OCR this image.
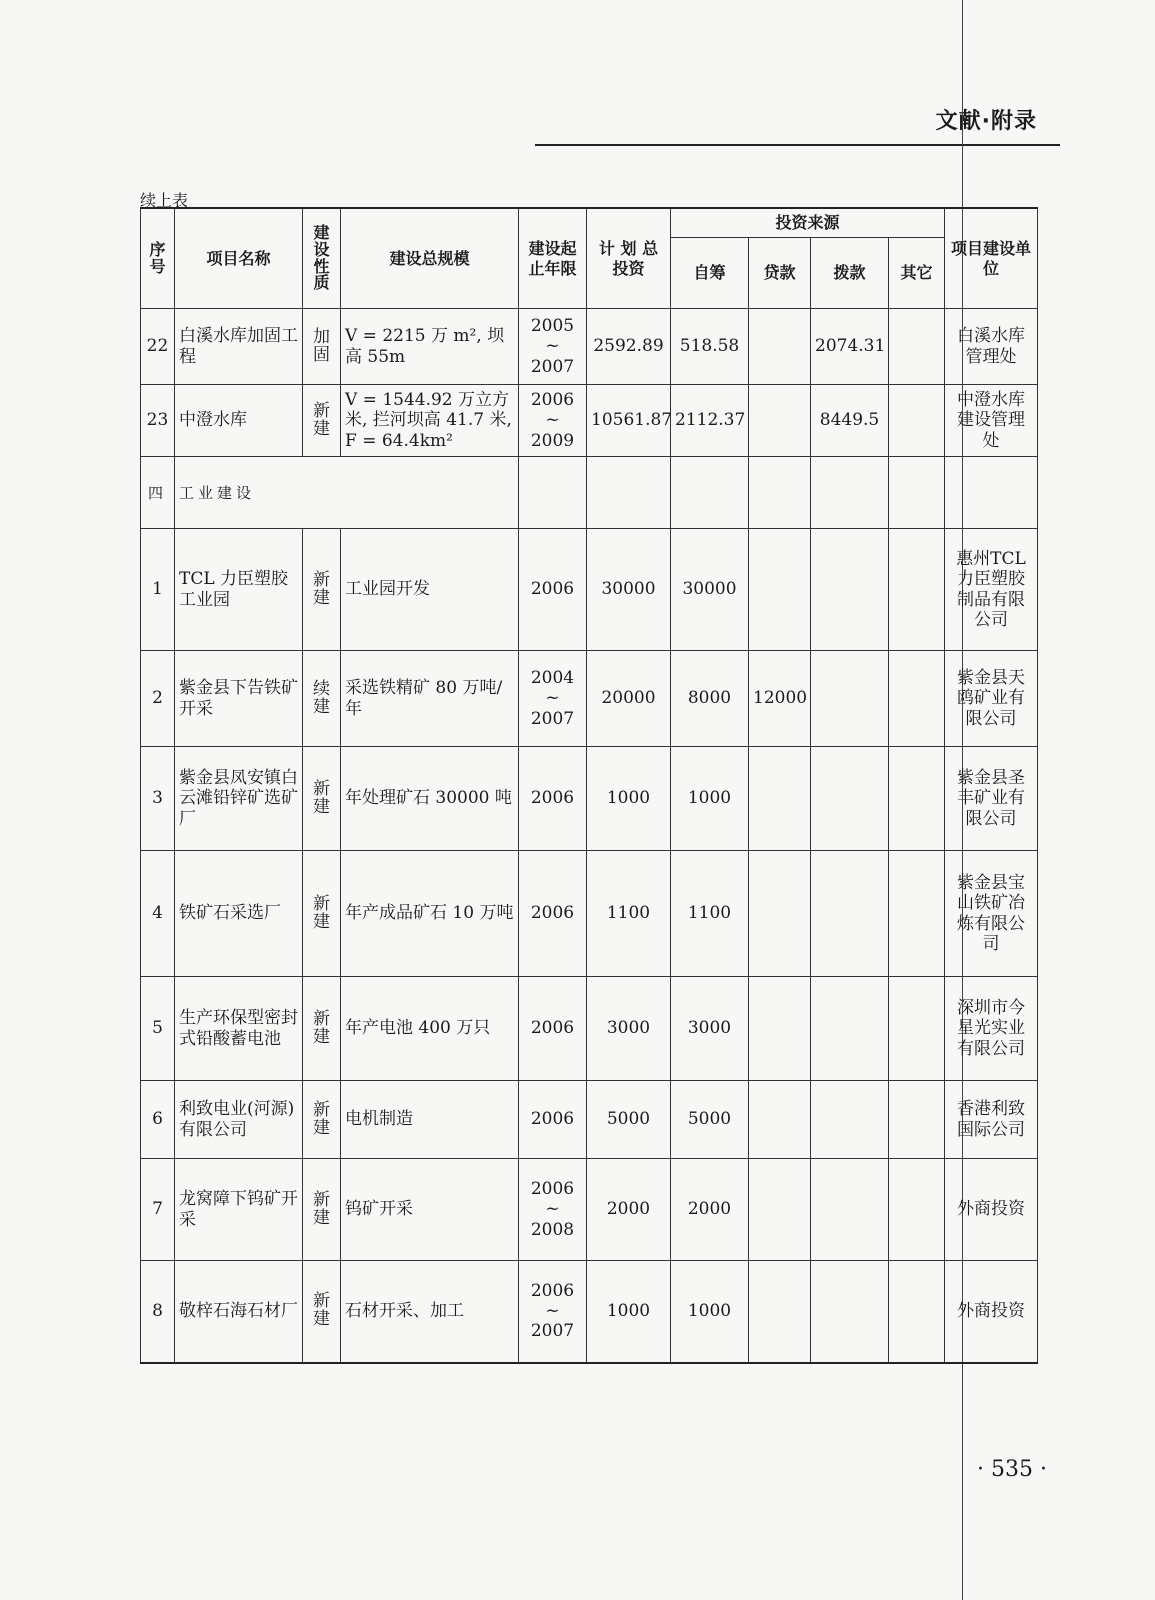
文献·附录
续上表
序号	项目名称	建设性质	建设总规模	建设起止年限	计 划 总投资	投资来源				项目建设单位
						自筹	贷款	拨款	其它	
22	白溪水库加固工程	加固	V = 2215 万 m², 坝高 55m	2005 ~ 2007	2592.89	518.58		2074.31		白溪水库管理处
23	中澄水库	新建	V = 1544.92 万立方米, 拦河坝高 41.7 米, F = 64.4km²	2006 ~ 2009	10561.87	2112.37		8449.5		中澄水库建设管理处
四	工业建设									
1	TCL 力臣塑胶工业园	新建	工业园开发	2006	30000	30000				惠州TCL力臣塑胶制品有限公司
2	紫金县下告铁矿开采	续建	采选铁精矿 80 万吨/年	2004 ~ 2007	20000	8000	12000			紫金县天鸥矿业有限公司
3	紫金县凤安镇白云滩铅锌矿选矿厂	新建	年处理矿石 30000 吨	2006	1000	1000				紫金县圣丰矿业有限公司
4	铁矿石采选厂	新建	年产成品矿石 10 万吨	2006	1100	1100				紫金县宝山铁矿冶炼有限公司
5	生产环保型密封式铅酸蓄电池	新建	年产电池 400 万只	2006	3000	3000				深圳市今星光实业有限公司
6	利致电业(河源)有限公司	新建	电机制造	2006	5000	5000				香港利致国际公司
7	龙窝障下钨矿开采	新建	钨矿开采	2006 ~ 2008	2000	2000				外商投资
8	敬梓石海石材厂	新建	石材开采、加工	2006 ~ 2007	1000	1000				外商投资
· 535 ·
